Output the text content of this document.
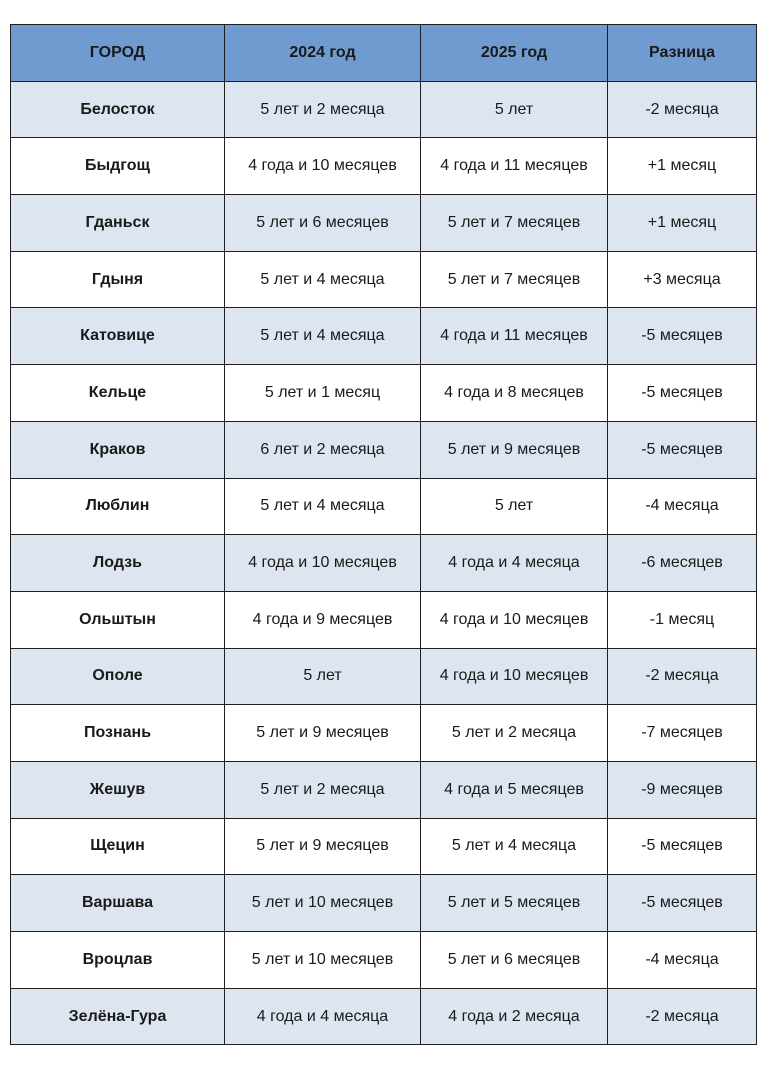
ГОРОД	2024 год	2025 год	Разница
Белосток	5 лет и 2 месяца	5 лет	-2 месяца
Быдгощ	4 года и 10 месяцев	4 года и 11 месяцев	+1 месяц
Гданьск	5 лет и 6 месяцев	5 лет и 7 месяцев	+1 месяц
Гдыня	5 лет и 4 месяца	5 лет и 7 месяцев	+3 месяца
Катовице	5 лет и 4 месяца	4 года и 11 месяцев	-5 месяцев
Кельце	5 лет и 1 месяц	4 года и 8 месяцев	-5 месяцев
Краков	6 лет и 2 месяца	5 лет и 9 месяцев	-5 месяцев
Люблин	5 лет и 4 месяца	5 лет	-4 месяца
Лодзь	4 года и 10 месяцев	4 года и 4 месяца	-6 месяцев
Ольштын	4 года и 9 месяцев	4 года и 10 месяцев	-1 месяц
Ополе	5 лет	4 года и 10 месяцев	-2 месяца
Познань	5 лет и 9 месяцев	5 лет и 2 месяца	-7 месяцев
Жешув	5 лет и 2 месяца	4 года и 5 месяцев	-9 месяцев
Щецин	5 лет и 9 месяцев	5 лет и 4 месяца	-5 месяцев
Варшава	5 лет и 10 месяцев	5 лет и 5 месяцев	-5 месяцев
Вроцлав	5 лет и 10 месяцев	5 лет и 6 месяцев	-4 месяца
Зелёна-Гура	4 года и 4 месяца	4 года и 2 месяца	-2 месяца
